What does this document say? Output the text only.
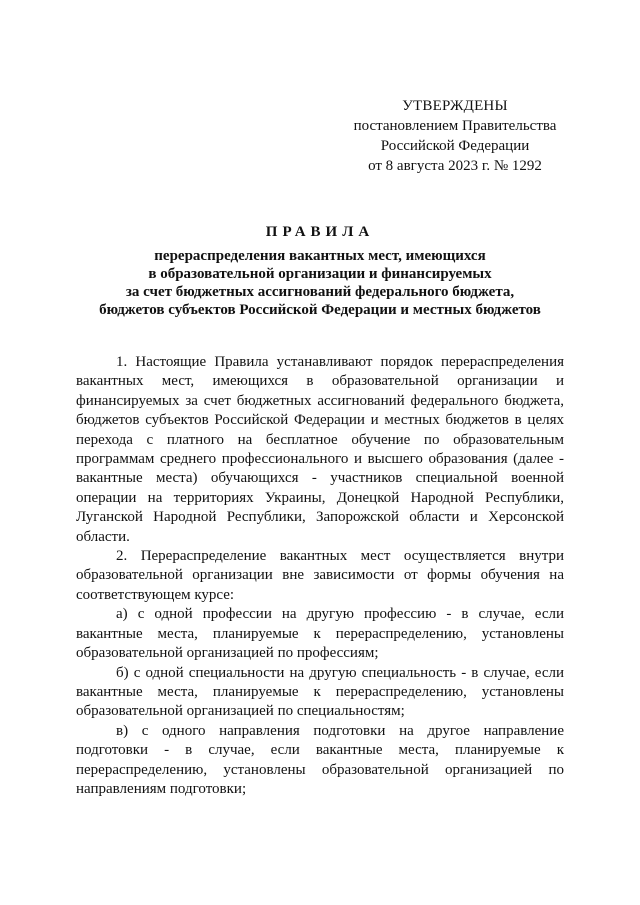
УТВЕРЖДЕНЫ
постановлением Правительства
Российской Федерации
от 8 августа 2023 г. № 1292
ПРАВИЛА
перераспределения вакантных мест, имеющихся
в образовательной организации и финансируемых
за счет бюджетных ассигнований федерального бюджета,
бюджетов субъектов Российской Федерации и местных бюджетов

1. Настоящие Правила устанавливают порядок перераспределения вакантных мест, имеющихся в образовательной организации и финансируемых за счет бюджетных ассигнований федерального бюджета, бюджетов субъектов Российской Федерации и местных бюджетов в целях перехода с платного на бесплатное обучение по образовательным программам среднего профессионального и высшего образования (далее - вакантные места) обучающихся - участников специальной военной операции на территориях Украины, Донецкой Народной Республики, Луганской Народной Республики, Запорожской области и Херсонской области.

2. Перераспределение вакантных мест осуществляется внутри образовательной организации вне зависимости от формы обучения на соответствующем курсе:

а) с одной профессии на другую профессию - в случае, если вакантные места, планируемые к перераспределению, установлены образовательной организацией по профессиям;

б) с одной специальности на другую специальность - в случае, если вакантные места, планируемые к перераспределению, установлены образовательной организацией по специальностям;

в) с одного направления подготовки на другое направление подготовки - в случае, если вакантные места, планируемые к перераспределению, установлены образовательной организацией по направлениям подготовки;
